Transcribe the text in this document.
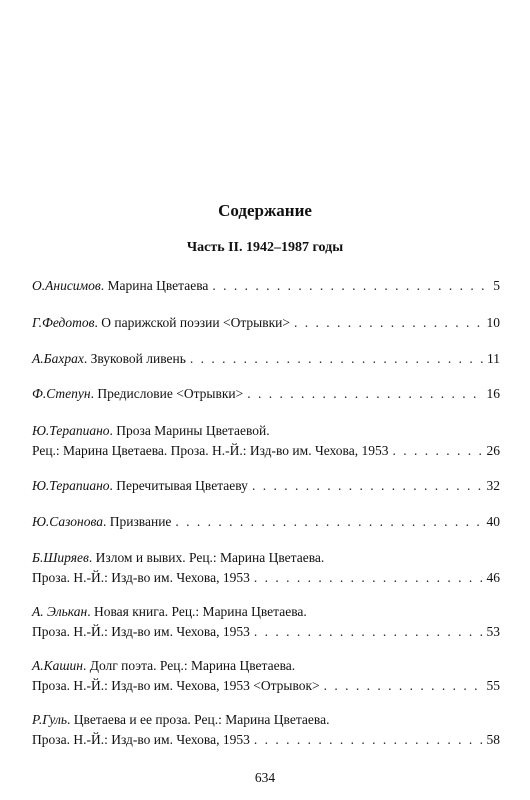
Содержание
Часть II. 1942–1987 годы
О.Анисимов. Марина Цветаева . . .	5
Г.Федотов. О парижской поэзии <Отрывки> . . .	10
А.Бахрах. Звуковой ливень . . .	11
Ф.Степун. Предисловие <Отрывки> . . .	16
Ю.Терапиано. Проза Марины Цветаевой.
Рец.: Марина Цветаева. Проза. Н.-Й.: Изд-во им. Чехова, 1953 . . .	26
Ю.Терапиано. Перечитывая Цветаеву . . .	32
Ю.Сазонова. Призвание . . .	40
Б.Ширяев. Излом и вывих. Рец.: Марина Цветаева.
Проза. Н.-Й.: Изд-во им. Чехова, 1953 . . .	46
А. Элькан. Новая книга. Рец.: Марина Цветаева.
Проза. Н.-Й.: Изд-во им. Чехова, 1953 . . .	53
А.Кашин. Долг поэта. Рец.: Марина Цветаева.
Проза. Н.-Й.: Изд-во им. Чехова, 1953 <Отрывок> . . .	55
Р.Гуль. Цветаева и ее проза. Рец.: Марина Цветаева.
Проза. Н.-Й.: Изд-во им. Чехова, 1953 . . .	58
634
